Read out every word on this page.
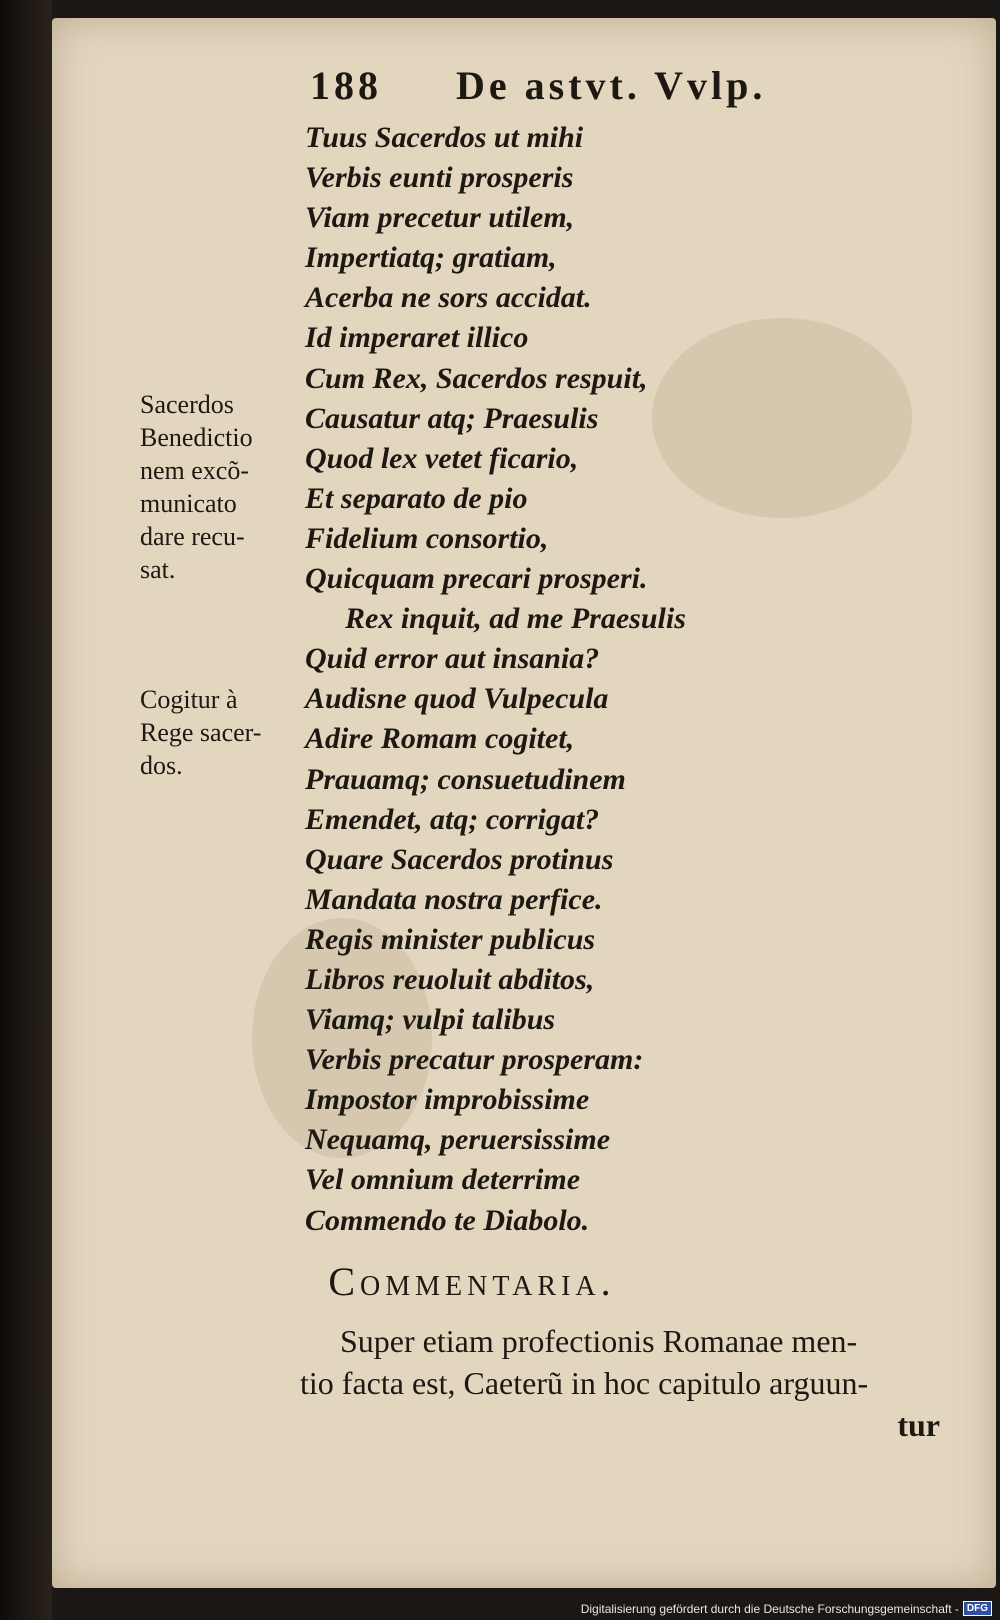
188 De astvt. Vvlp.
Tuus Sacerdos ut mihi
Verbis eunti prosperis
Viam precetur utilem,
Impertiatq; gratiam,
Acerba ne sors accidat.
Id imperaret illico
Cum Rex, Sacerdos respuit,
Causatur atq; Praesulis
Quod lex vetet ficario,
Et separato de pio
Fidelium consortio,
Quicquam precari prosperi.
Rex inquit, ad me Praesulis
Quid error aut insania?
Audisne quod Vulpecula
Adire Romam cogitet,
Prauamq; consuetudinem
Emendet, atq; corrigat?
Quare Sacerdos protinus
Mandata nostra perfice.
Regis minister publicus
Libros reuoluit abditos,
Viamq; vulpi talibus
Verbis precatur prosperam:
Impostor improbissime
Nequamq, peruersissime
Vel omnium deterrime
Commendo te Diabolo.
Sacerdos
Benedictio
nem excõ-
municato
dare recu-
sat.
Cogitur à
Rege sacer-
dos.
Commentaria.
Super etiam profectionis Romanae men-
tio facta est, Caeterũ in hoc capitulo arguun-
tur
Digitalisierung gefördert durch die Deutsche Forschungsgemeinschaft - DFG
